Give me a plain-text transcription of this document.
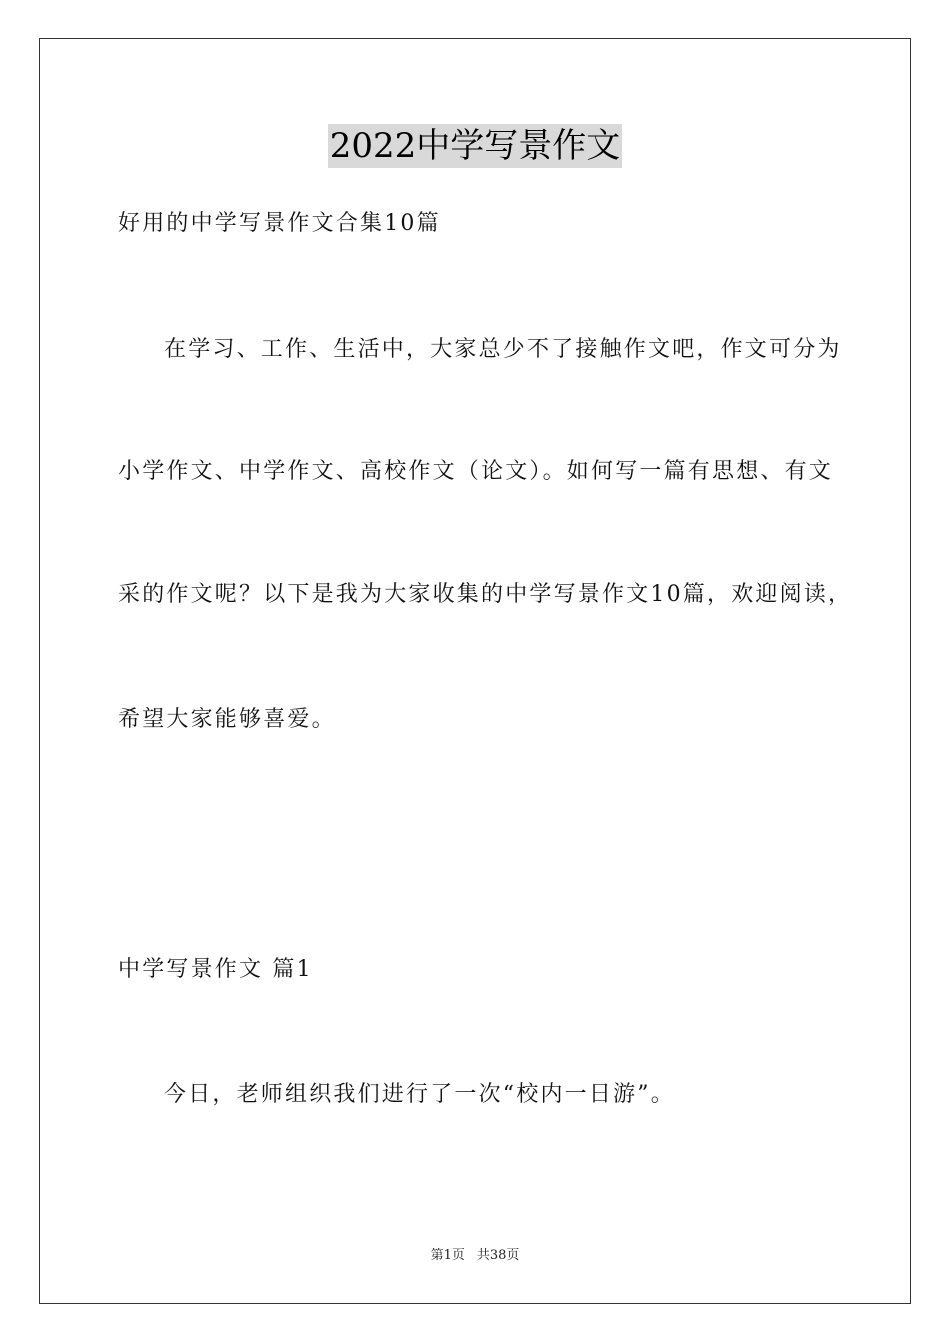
2022中学写景作文
好用的中学写景作文合集10篇
在学习、工作、生活中，大家总少不了接触作文吧，作文可分为
小学作文、中学作文、高校作文（论文）。如何写一篇有思想、有文
采的作文呢？以下是我为大家收集的中学写景作文10篇，欢迎阅读，
希望大家能够喜爱。
中学写景作文 篇1
今日，老师组织我们进行了一次“校内一日游”。
第1页 共38页
